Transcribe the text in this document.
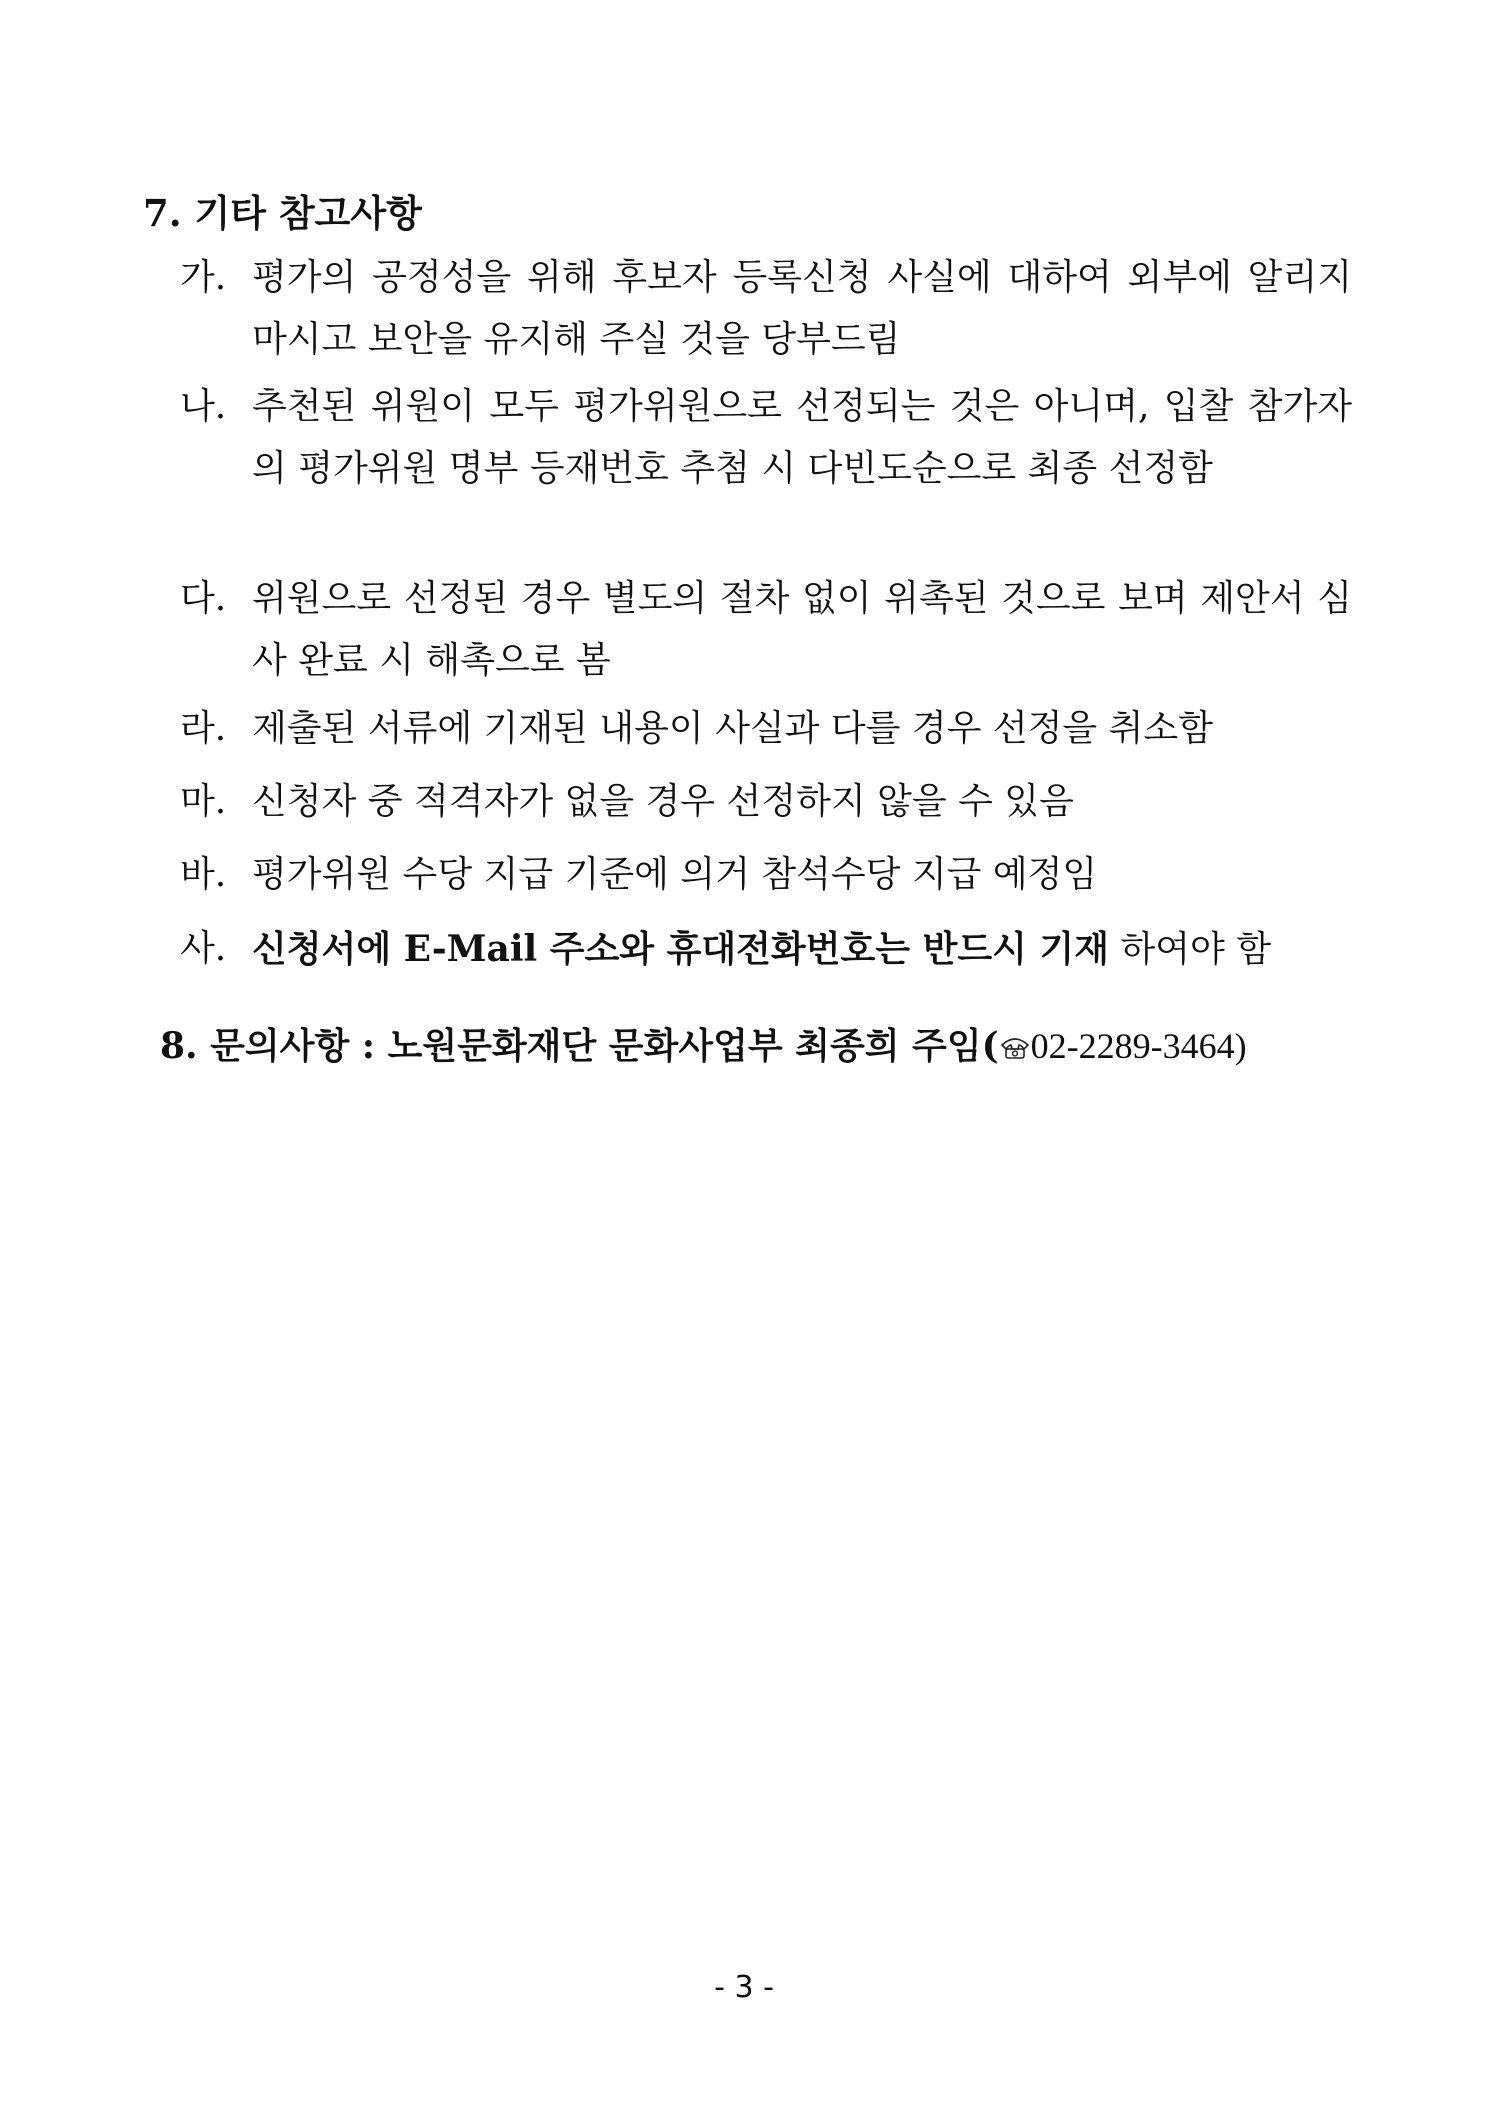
7. 기타 참고사항
가. 평가의 공정성을 위해 후보자 등록신청 사실에 대하여 외부에 알리지 마시고 보안을 유지해 주실 것을 당부드림
나. 추천된 위원이 모두 평가위원으로 선정되는 것은 아니며, 입찰 참가자의 평가위원 명부 등재번호 추첨 시 다빈도순으로 최종 선정함
다. 위원으로 선정된 경우 별도의 절차 없이 위촉된 것으로 보며 제안서 심사 완료 시 해촉으로 봄
라. 제출된 서류에 기재된 내용이 사실과 다를 경우 선정을 취소함
마. 신청자 중 적격자가 없을 경우 선정하지 않을 수 있음
바. 평가위원 수당 지급 기준에 의거 참석수당 지급 예정임
사. 신청서에 E-Mail 주소와 휴대전화번호는 반드시 기재 하여야 함
8. 문의사항 : 노원문화재단 문화사업부 최종희 주임( 02-2289-3464)
- 3 -
